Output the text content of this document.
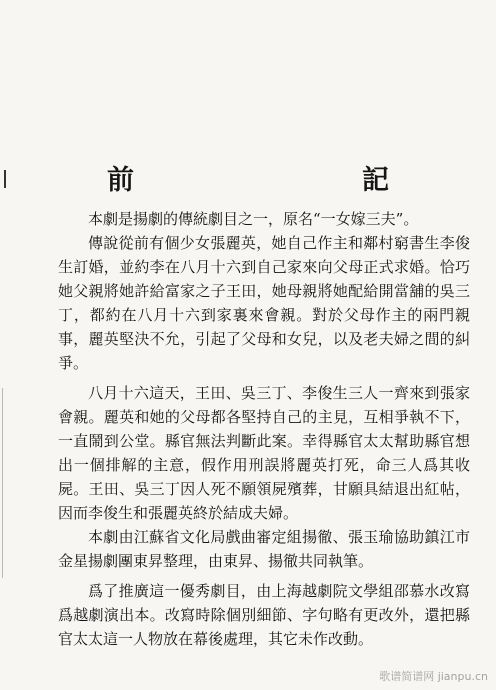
前　　記

本劇是揚劇的傳統劇目之一，原名“一女嫁三夫”。

傳說從前有個少女張麗英，她自己作主和鄰村窮書生李俊生訂婚，並約李在八月十六到自己家來向父母正式求婚。恰巧她父親將她許給富家之子王田，她母親將她配給開當舖的吳三丁，都約在八月十六到家裏來會親。對於父母作主的兩門親事，麗英堅決不允，引起了父母和女兒，以及老夫婦之間的糾爭。

八月十六這天，王田、吳三丁、李俊生三人一齊來到張家會親。麗英和她的父母都各堅持自己的主見，互相爭執不下，一直鬧到公堂。縣官無法判斷此案。幸得縣官太太幫助縣官想出一個排解的主意，假作用刑誤將麗英打死，命三人爲其收屍。王田、吳三丁因人死不願領屍殯葬，甘願具結退出紅帖，因而李俊生和張麗英終於結成夫婦。

本劇由江蘇省文化局戲曲審定組揚徹、張玉瑜協助鎮江市金星揚劇團東昇整理，由東昇、揚徹共同執筆。

爲了推廣這一優秀劇目，由上海越劇院文學組邵慕水改寫爲越劇演出本。改寫時除個別細節、字句略有更改外，還把縣官太太這一人物放在幕後處理，其它未作改動。

歌谱简谱网 jianpu.cn
